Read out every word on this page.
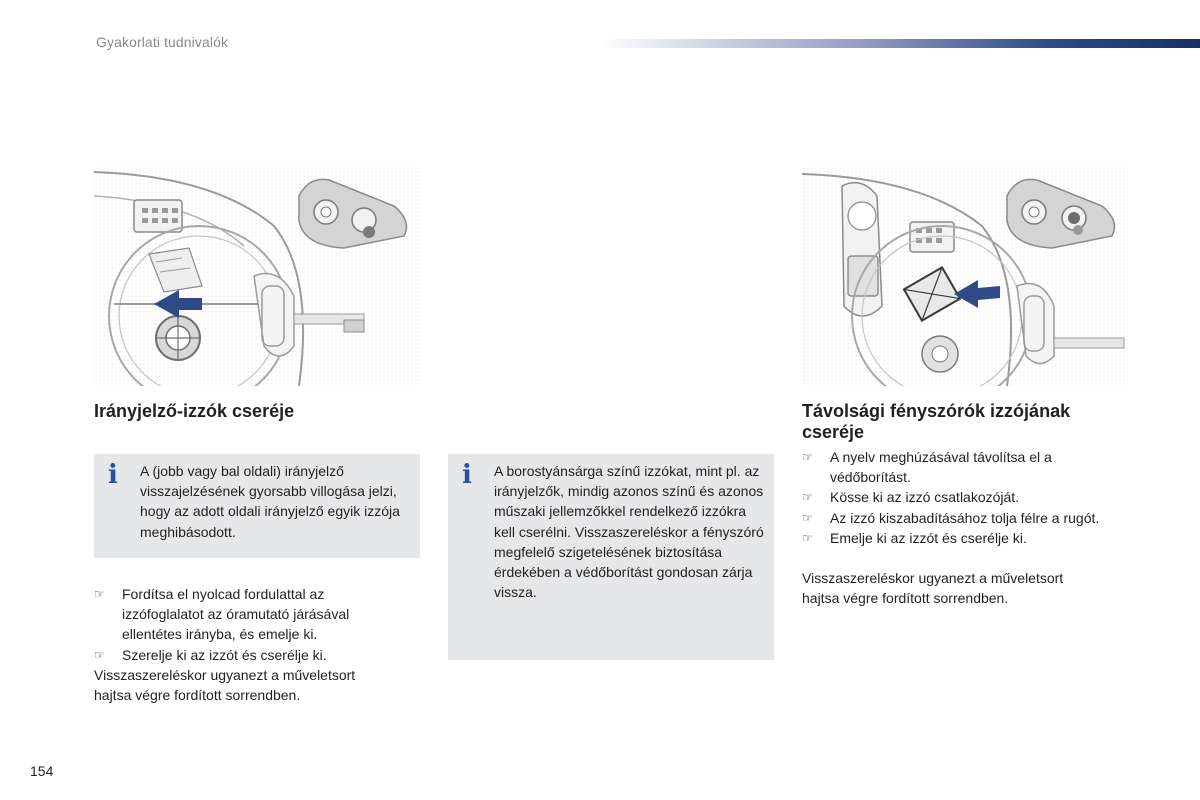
Gyakorlati tudnivalók
Irányjelző-izzók cseréje
i A (jobb vagy bal oldali) irányjelző visszajelzésének gyorsabb villogása jelzi, hogy az adott oldali irányjelző egyik izzója meghibásodott.
☞ Fordítsa el nyolcad fordulattal az izzófoglalatot az óramutató járásával ellentétes irányba, és emelje ki.
☞ Szerelje ki az izzót és cserélje ki.
Visszaszereléskor ugyanezt a műveletsort hajtsa végre fordított sorrendben.
i A borostyánsárga színű izzókat, mint pl. az irányjelzők, mindig azonos színű és azonos műszaki jellemzőkkel rendelkező izzókra kell cserélni. Visszaszereléskor a fényszóró megfelelő szigetelésének biztosítása érdekében a védőborítást gondosan zárja vissza.
Távolsági fényszórók izzójának cseréje
☞ A nyelv meghúzásával távolítsa el a védőborítást.
☞ Kösse ki az izzó csatlakozóját.
☞ Az izzó kiszabadításához tolja félre a rugót.
☞ Emelje ki az izzót és cserélje ki.
Visszaszereléskor ugyanezt a műveletsort hajtsa végre fordított sorrendben.
154
